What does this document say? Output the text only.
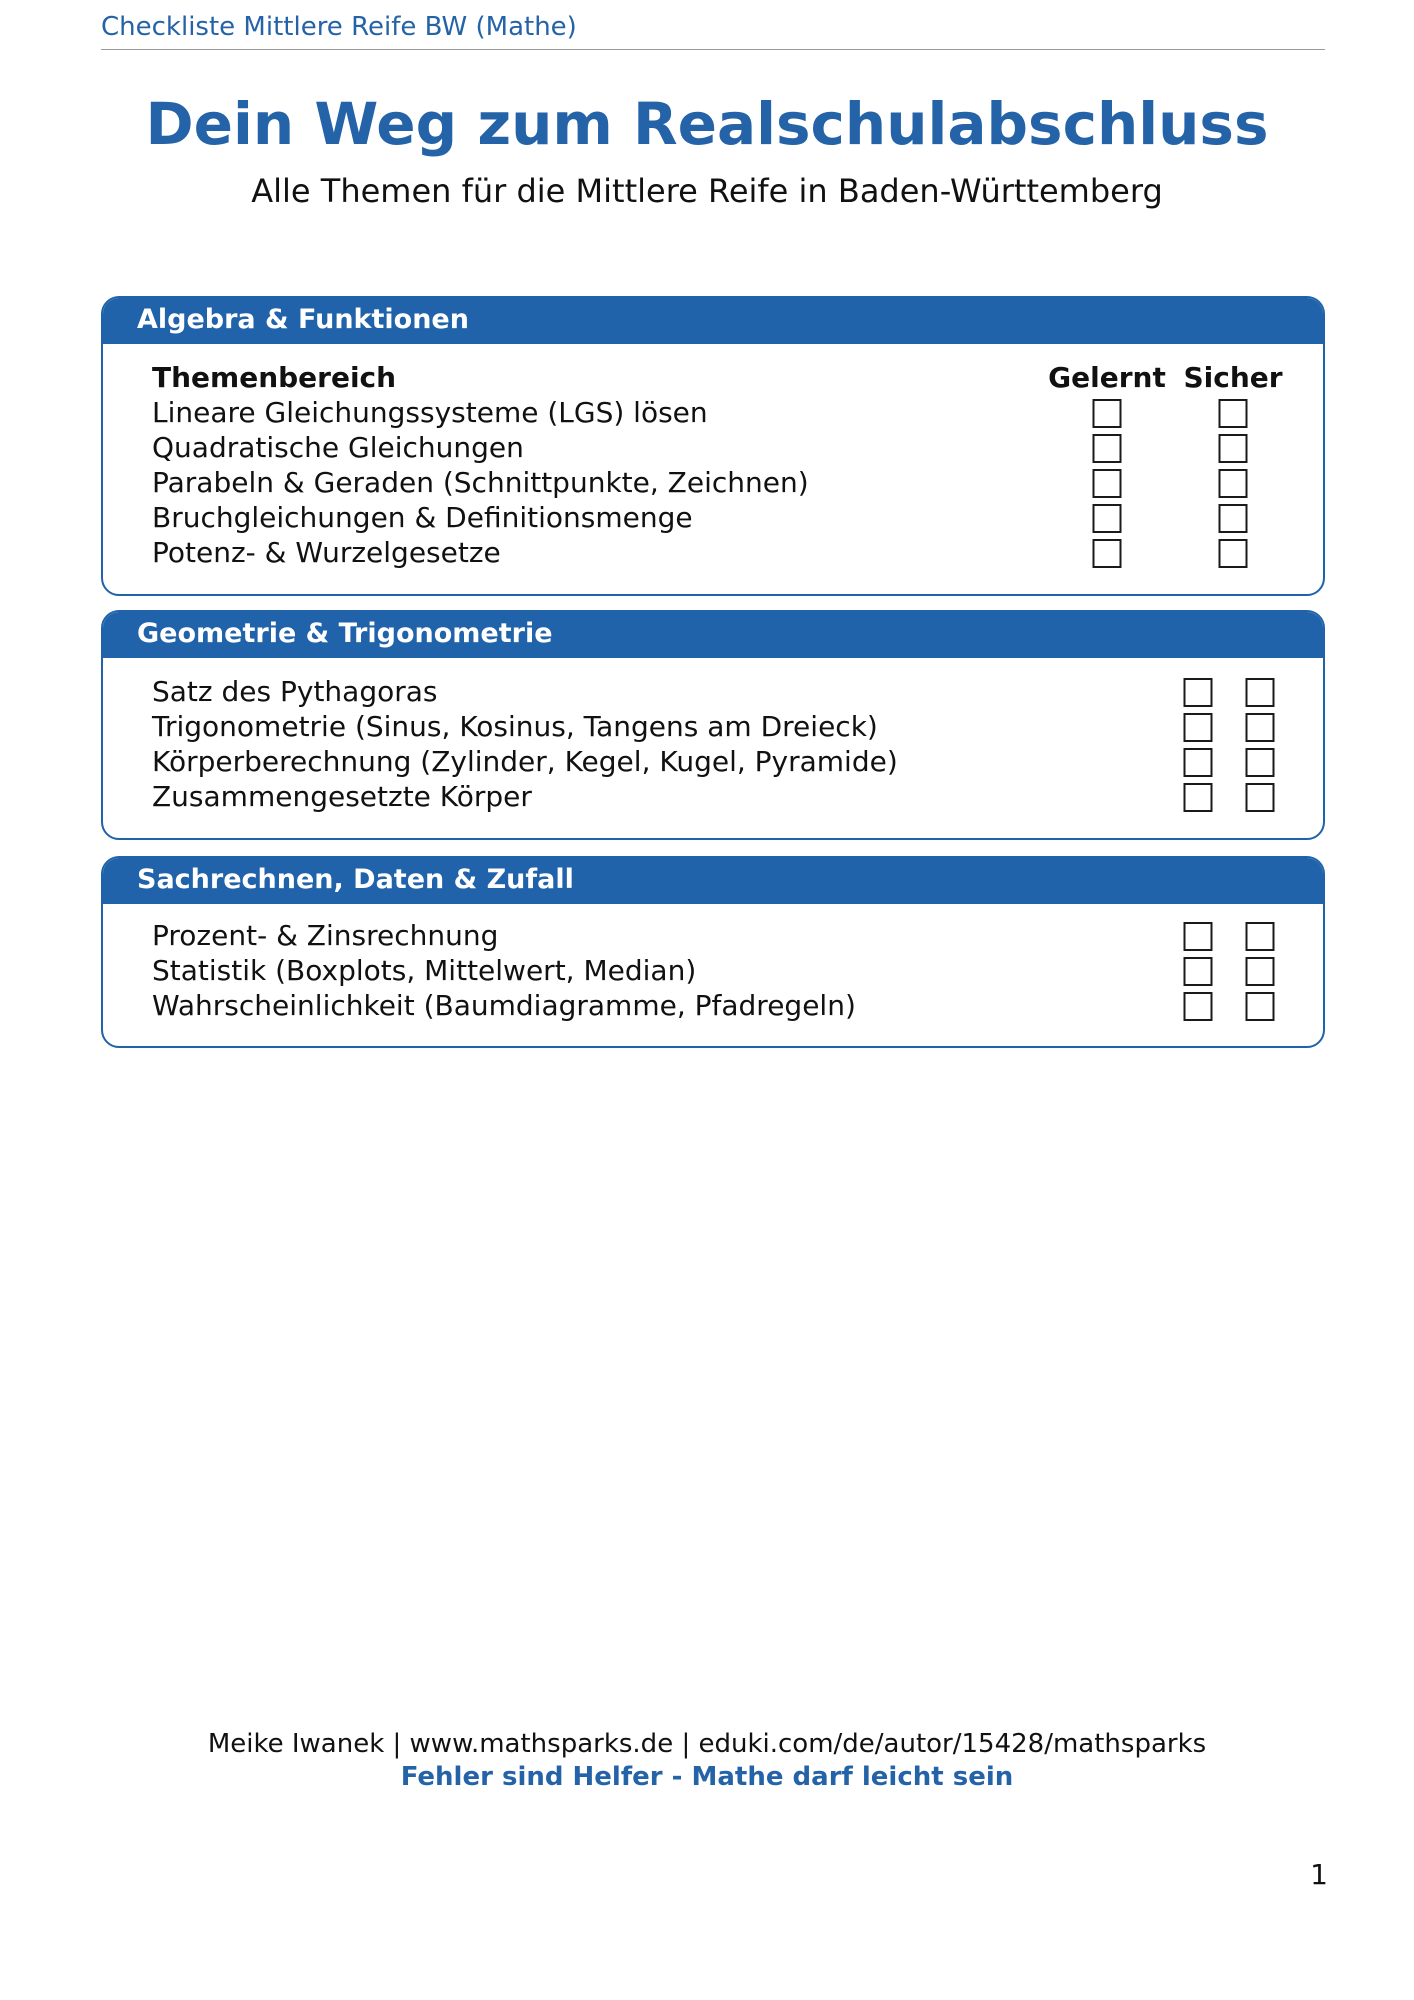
Checkliste Mittlere Reife BW (Mathe)
Dein Weg zum Realschulabschluss
Alle Themen für die Mittlere Reife in Baden-Württemberg
Algebra & Funktionen
Themenbereich	Gelernt Sicher
Lineare Gleichungssysteme (LGS) lösen
Quadratische Gleichungen
Parabeln & Geraden (Schnittpunkte, Zeichnen)
Bruchgleichungen & Definitionsmenge
Potenz- & Wurzelgesetze
Geometrie & Trigonometrie
Satz des Pythagoras
Trigonometrie (Sinus, Kosinus, Tangens am Dreieck)
Körperberechnung (Zylinder, Kegel, Kugel, Pyramide)
Zusammengesetzte Körper
Sachrechnen, Daten & Zufall
Prozent- & Zinsrechnung
Statistik (Boxplots, Mittelwert, Median)
Wahrscheinlichkeit (Baumdiagramme, Pfadregeln)
Meike Iwanek | www.mathsparks.de | eduki.com/de/autor/15428/mathsparks
Fehler sind Helfer - Mathe darf leicht sein
1
